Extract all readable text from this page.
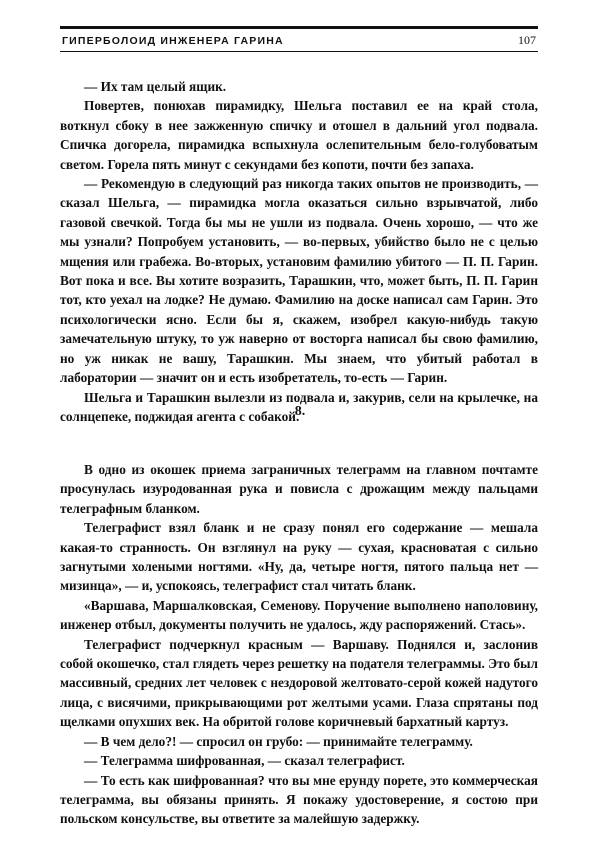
ГИПЕРБОЛОИД ИНЖЕНЕРА ГАРИНА	107

— Их там целый ящик.

Повертев, понюхав пирамидку, Шельга поставил ее на край стола, воткнул сбоку в нее зажженную спичку и отошел в дальний угол подвала. Спичка догорела, пирамидка вспыхнула ослепительным бело-голубоватым светом. Горела пять минут с секундами без копоти, почти без запаха.

— Рекомендую в следующий раз никогда таких опытов не производить, — сказал Шельга, — пирамидка могла оказаться сильно взрывчатой, либо газовой свечкой. Тогда бы мы не ушли из подвала. Очень хорошо, — что же мы узнали? Попробуем установить, — во-первых, убийство было не с целью мщения или грабежа. Во-вторых, установим фамилию убитого — П. П. Гарин. Вот пока и все. Вы хотите возразить, Тарашкин, что, может быть, П. П. Гарин тот, кто уехал на лодке? Не думаю. Фамилию на доске написал сам Гарин. Это психологически ясно. Если бы я, скажем, изобрел какую-нибудь такую замечательную штуку, то уж наверно от восторга написал бы свою фамилию, но уж никак не вашу, Тарашкин. Мы знаем, что убитый работал в лаборатории — значит он и есть изобретатель, то-есть — Гарин.

Шельга и Тарашкин вылезли из подвала и, закурив, сели на крылечке, на солнцепеке, поджидая агента с собакой.

8.

В одно из окошек приема заграничных телеграмм на главном почтамте просунулась изуродованная рука и повисла с дрожащим между пальцами телеграфным бланком.

Телеграфист взял бланк и не сразу понял его содержание — мешала какая-то странность. Он взглянул на руку — сухая, красноватая с сильно загнутыми холеными ногтями. «Ну, да, четыре ногтя, пятого пальца нет — мизинца», — и, успокоясь, телеграфист стал читать бланк.

«Варшава, Маршалковская, Семенову. Поручение выполнено наполовину, инженер отбыл, документы получить не удалось, жду распоряжений. Стась».

Телеграфист подчеркнул красным — Варшаву. Поднялся и, заслонив собой окошечко, стал глядеть через решетку на подателя телеграммы. Это был массивный, средних лет человек с нездоровой желтовато-серой кожей надутого лица, с висячими, прикрывающими рот желтыми усами. Глаза спрятаны под щелками опухших век. На обритой голове коричневый бархатный картуз.

— В чем дело?! — спросил он грубо: — принимайте телеграмму.

— Телеграмма шифрованная, — сказал телеграфист.

— То есть как шифрованная? что вы мне ерунду порете, это коммерческая телеграмма, вы обязаны принять. Я покажу удостоверение, я состою при польском консульстве, вы ответите за малейшую задержку.
